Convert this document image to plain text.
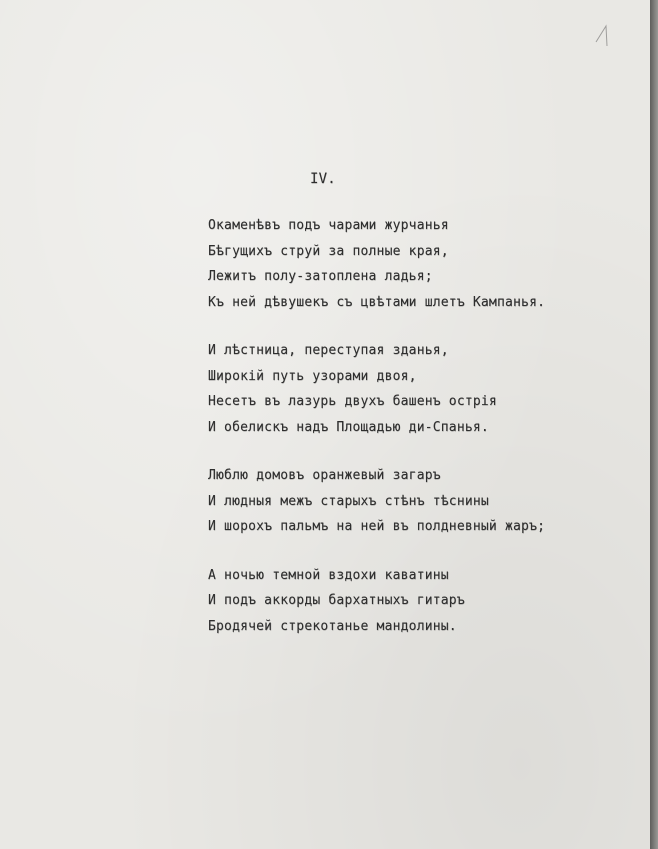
IV.
Окаменѣвъ подъ чарами журчанья
Бѣгущихъ струй за полные края,
Лежитъ полу-затоплена ладья;
Къ ней дѣвушекъ съ цвѣтами шлетъ Кампанья.
И лѣстница, переступая зданья,
Широкій путь узорами двоя,
Несетъ въ лазурь двухъ башенъ острія
И обелискъ надъ Площадью ди-Спанья.
Люблю домовъ оранжевый загаръ
И людныя межъ старыхъ стѣнъ тѣснины
И шорохъ пальмъ на ней въ полдневный жаръ;
А ночью темной вздохи каватины
И подъ аккорды бархатныхъ гитаръ
Бродячей стрекотанье мандолины.
